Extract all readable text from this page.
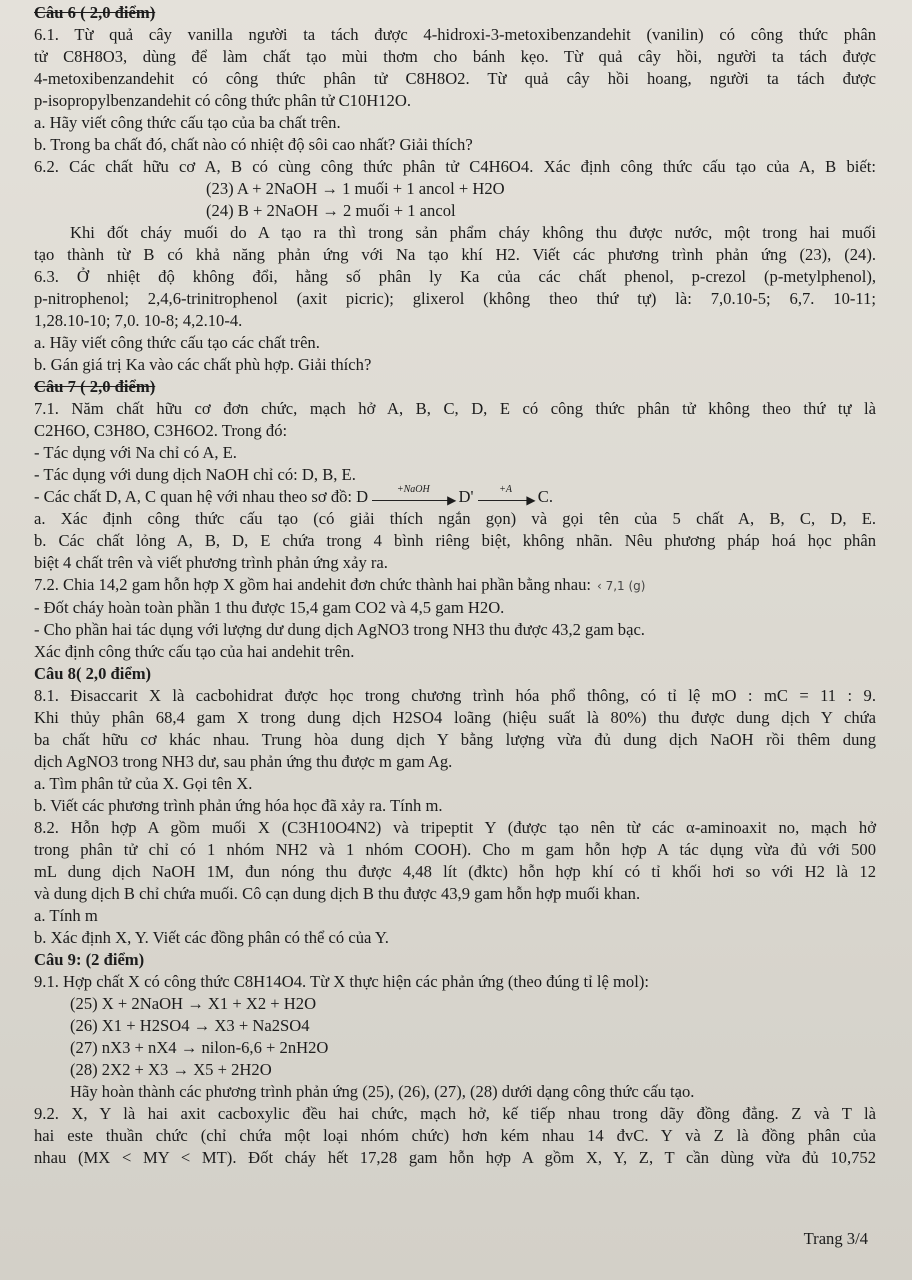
Câu 6 ( 2,0 điểm)

6.1. Từ quả cây vanilla người ta tách được 4-hidroxi-3-metoxibenzandehit (vanilin) có công thức phân

tử C8H8O3, dùng để làm chất tạo mùi thơm cho bánh kẹo. Từ quả cây hồi, người ta tách được

4-metoxibenzandehit có công thức phân tử C8H8O2. Từ quả cây hồi hoang, người ta tách được

p-isopropylbenzandehit có công thức phân tử C10H12O.

a. Hãy viết công thức cấu tạo của ba chất trên.

b. Trong ba chất đó, chất nào có nhiệt độ sôi cao nhất? Giải thích?

6.2. Các chất hữu cơ A, B có cùng công thức phân tử C4H6O4. Xác định công thức cấu tạo của A, B biết:

(23) A + 2NaOH → 1 muối + 1 ancol + H2O

(24) B + 2NaOH → 2 muối + 1 ancol

Khi đốt cháy muối do A tạo ra thì trong sản phẩm cháy không thu được nước, một trong hai muối

tạo thành từ B có khả năng phản ứng với Na tạo khí H2. Viết các phương trình phản ứng (23), (24).

6.3. Ở nhiệt độ không đổi, hằng số phân ly Ka của các chất phenol, p-crezol (p-metylphenol),

p-nitrophenol; 2,4,6-trinitrophenol (axit picric); glixerol (không theo thứ tự) là: 7,0.10-5; 6,7. 10-11;

1,28.10-10; 7,0. 10-8; 4,2.10-4.

a. Hãy viết công thức cấu tạo các chất trên.

b. Gán giá trị Ka vào các chất phù hợp. Giải thích?

Câu 7 ( 2,0 điểm)

7.1. Năm chất hữu cơ đơn chức, mạch hở A, B, C, D, E có công thức phân tử không theo thứ tự là

C2H6O, C3H8O, C3H6O2. Trong đó:

- Tác dụng với Na chỉ có A, E.

- Tác dụng với dung dịch NaOH chỉ có: D, B, E.

- Các chất D, A, C quan hệ với nhau theo sơ đồ: D	+NaOH
▶ D'	+A
▶ C.

a. Xác định công thức cấu tạo (có giải thích ngắn gọn) và gọi tên của 5 chất A, B, C, D, E.

b. Các chất lỏng A, B, D, E chứa trong 4 bình riêng biệt, không nhãn. Nêu phương pháp hoá học phân

biệt 4 chất trên và viết phương trình phản ứng xảy ra.

7.2. Chia 14,2 gam hỗn hợp X gồm hai andehit đơn chức thành hai phần bằng nhau: ‹ 7,1 (g)

- Đốt cháy hoàn toàn phần 1 thu được 15,4 gam CO2 và 4,5 gam H2O.

- Cho phần hai tác dụng với lượng dư dung dịch AgNO3 trong NH3 thu được 43,2 gam bạc.

Xác định công thức cấu tạo của hai andehit trên.

Câu 8( 2,0 điểm)

8.1. Đisaccarit X là cacbohidrat được học trong chương trình hóa phổ thông, có tỉ lệ mO : mC = 11 : 9.

Khi thủy phân 68,4 gam X trong dung dịch H2SO4 loãng (hiệu suất là 80%) thu được dung dịch Y chứa

ba chất hữu cơ khác nhau. Trung hòa dung dịch Y bằng lượng vừa đủ dung dịch NaOH rồi thêm dung

dịch AgNO3 trong NH3 dư, sau phản ứng thu được m gam Ag.

a. Tìm phân tử của X. Gọi tên X.

b. Viết các phương trình phản ứng hóa học đã xảy ra. Tính m.

8.2. Hỗn hợp A gồm muối X (C3H10O4N2) và tripeptit Y (được tạo nên từ các α-aminoaxit no, mạch hở

trong phân tử chỉ có 1 nhóm NH2 và 1 nhóm COOH). Cho m gam hỗn hợp A tác dụng vừa đủ với 500

mL dung dịch NaOH 1M, đun nóng thu được 4,48 lít (đktc) hỗn hợp khí có tỉ khối hơi so với H2 là 12

và dung dịch B chỉ chứa muối. Cô cạn dung dịch B thu được 43,9 gam hỗn hợp muối khan.

a. Tính m

b. Xác định X, Y. Viết các đồng phân có thể có của Y.

Câu 9: (2 điểm)

9.1. Hợp chất X có công thức C8H14O4. Từ X thực hiện các phản ứng (theo đúng tỉ lệ mol):

(25) X + 2NaOH → X1 + X2 + H2O

(26) X1 + H2SO4 → X3 + Na2SO4

(27) nX3 + nX4 → nilon-6,6 + 2nH2O

(28) 2X2 + X3 → X5 + 2H2O

Hãy hoàn thành các phương trình phản ứng (25), (26), (27), (28) dưới dạng công thức cấu tạo.

9.2. X, Y là hai axit cacboxylic đều hai chức, mạch hở, kế tiếp nhau trong dãy đồng đẳng. Z và T là

hai este thuần chức (chỉ chứa một loại nhóm chức) hơn kém nhau 14 đvC. Y và Z là đồng phân của

nhau (MX < MY < MT). Đốt cháy hết 17,28 gam hỗn hợp A gồm X, Y, Z, T cần dùng vừa đủ 10,752

Trang 3/4
